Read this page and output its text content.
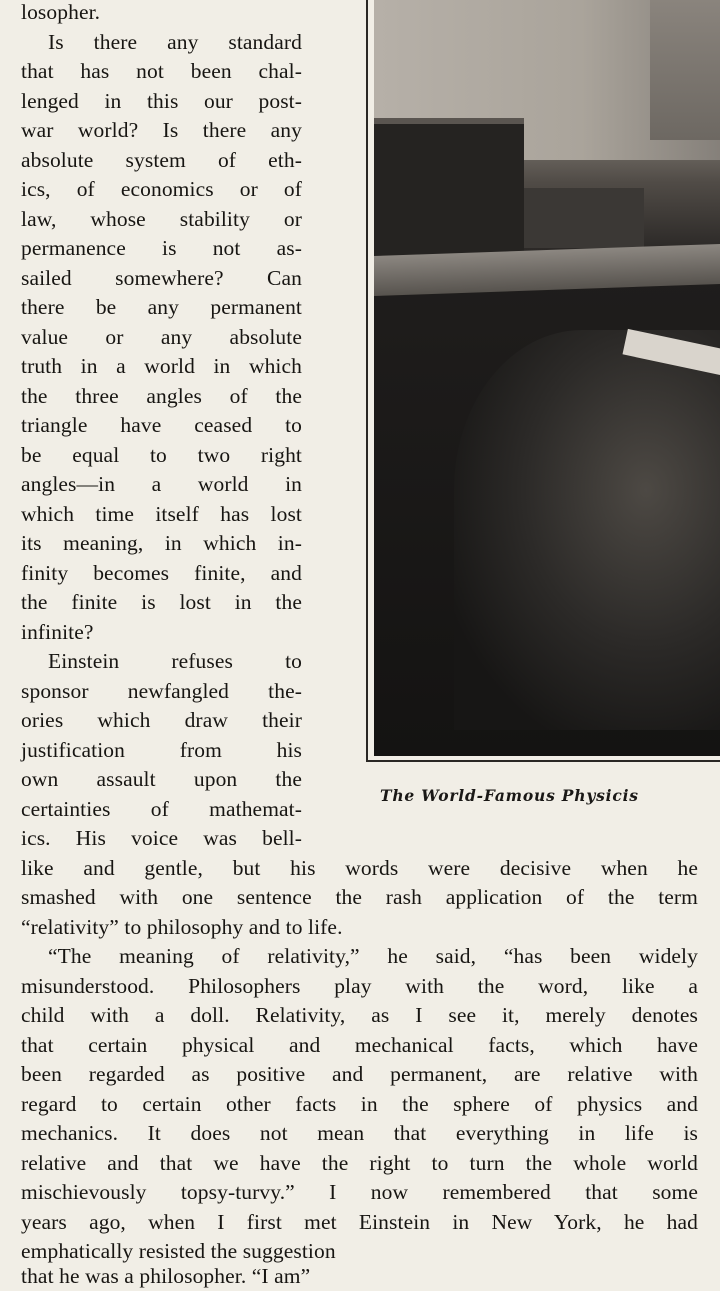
losopher.
Is there any standard
that has not been chal-
lenged in this our post-
war world? Is there any
absolute system of eth-
ics, of economics or of
law, whose stability or
permanence is not as-
sailed somewhere? Can
there be any permanent
value or any absolute
truth in a world in which
the three angles of the
triangle have ceased to
be equal to two right
angles—in a world in
which time itself has lost
its meaning, in which in-
finity becomes finite, and
the finite is lost in the
infinite?
Einstein refuses to
sponsor newfangled the-
ories which draw their
justification from his
own assault upon the
certainties of mathemat-
ics. His voice was bell-
The World-Famous Physicis
like and gentle, but his words were decisive when he
smashed with one sentence the rash application of the term
“relativity” to philosophy and to life.
“The meaning of relativity,” he said, “has been widely
misunderstood. Philosophers play with the word, like a
child with a doll. Relativity, as I see it, merely denotes
that certain physical and mechanical facts, which have
been regarded as positive and permanent, are relative with
regard to certain other facts in the sphere of physics and
mechanics. It does not mean that everything in life is
relative and that we have the right to turn the whole world
mischievously topsy-turvy.” I now remembered that some
years ago, when I first met Einstein in New York, he had
emphatically resisted the suggestion
that he was a philosopher. “I am”
